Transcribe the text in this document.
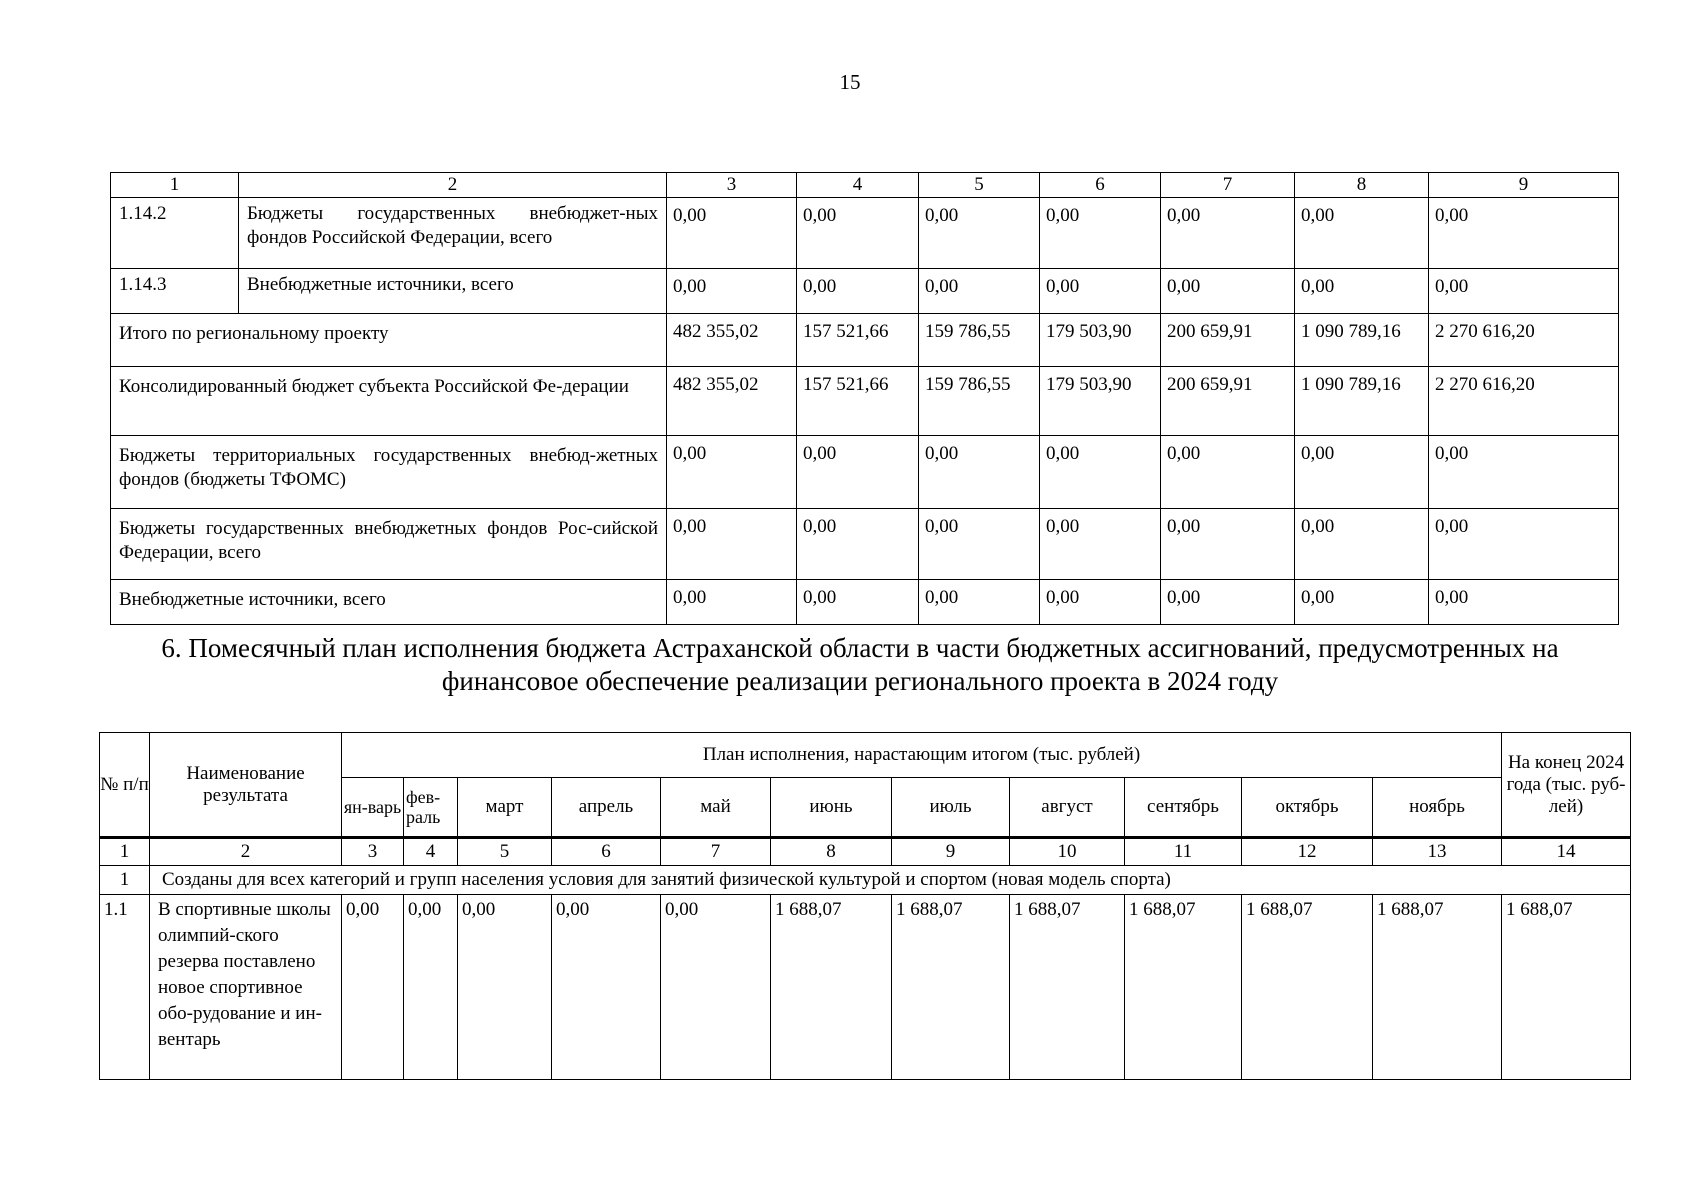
15
1	2	3	4	5	6	7	8	9
1.14.2	Бюджеты государственных внебюджет-ных фондов Российской Федерации, всего	0,00	0,00	0,00	0,00	0,00	0,00	0,00
1.14.3	Внебюджетные источники, всего	0,00	0,00	0,00	0,00	0,00	0,00	0,00
Итого по региональному проекту		482 355,02	157 521,66	159 786,55	179 503,90	200 659,91	1 090 789,16	2 270 616,20
Консолидированный бюджет субъекта Российской Фе-дерации		482 355,02	157 521,66	159 786,55	179 503,90	200 659,91	1 090 789,16	2 270 616,20
Бюджеты территориальных государственных внебюд-жетных фондов (бюджеты ТФОМС)		0,00	0,00	0,00	0,00	0,00	0,00	0,00
Бюджеты государственных внебюджетных фондов Рос-сийской Федерации, всего		0,00	0,00	0,00	0,00	0,00	0,00	0,00
Внебюджетные источники, всего		0,00	0,00	0,00	0,00	0,00	0,00	0,00
6. Помесячный план исполнения бюджета Астраханской области в части бюджетных ассигнований, предусмотренных на финансовое обеспечение реализации регионального проекта в 2024 году
№ п/п	Наименование результата	План исполнения, нарастающим итогом (тыс. рублей)											На конец 2024 года (тыс. руб-лей)
		ян-варь	фев-раль	март	апрель	май	июнь	июль	август	сентябрь	октябрь	ноябрь	
1	2	3	4	5	6	7	8	9	10	11	12	13	14
1	Созданы для всех категорий и групп населения условия для занятий физической культурой и спортом (новая модель спорта)												
1.1	В спортивные школы олимпий-ского резерва поставлено новое спортивное обо-рудование и ин-вентарь	0,00	0,00	0,00	0,00	0,00	1 688,07	1 688,07	1 688,07	1 688,07	1 688,07	1 688,07	1 688,07
